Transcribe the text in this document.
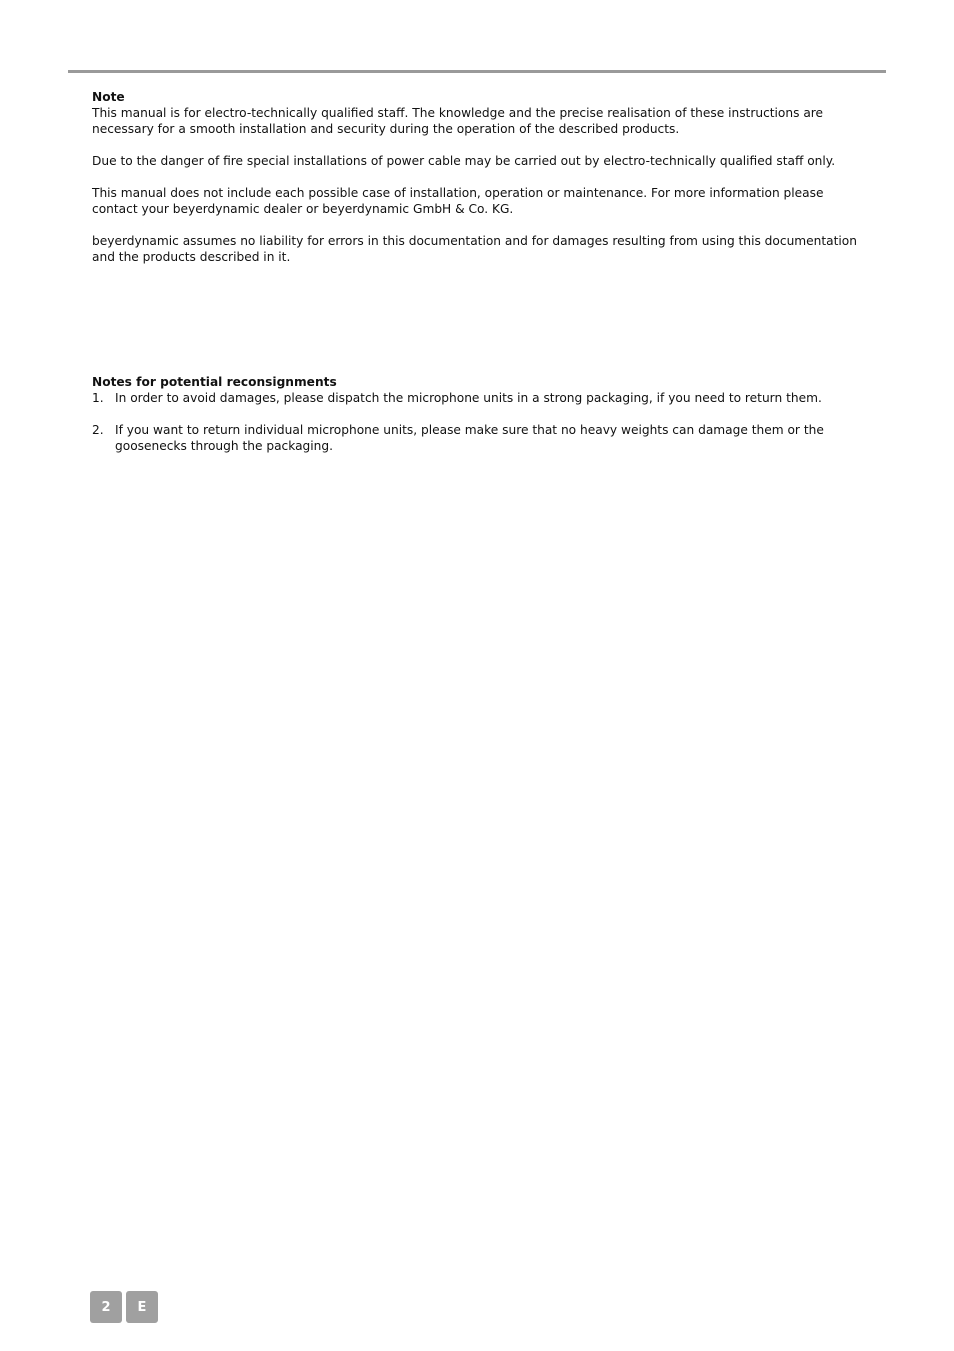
Note

This manual is for electro-technically qualified staff. The knowledge and the precise realisation of these instructions are necessary for a smooth installation and security during the operation of the described products.

Due to the danger of fire special installations of power cable may be carried out by electro-technically qualified staff only.

This manual does not include each possible case of installation, operation or maintenance. For more information please contact your beyerdynamic dealer or beyerdynamic GmbH & Co. KG.

beyerdynamic assumes no liability for errors in this documentation and for damages resulting from using this documentation and the products described in it.

Notes for potential reconsignments

1. In order to avoid damages, please dispatch the microphone units in a strong packaging, if you need to return them.
2. If you want to return individual microphone units, please make sure that no heavy weights can damage them or the goosenecks through the packaging.
2	E
